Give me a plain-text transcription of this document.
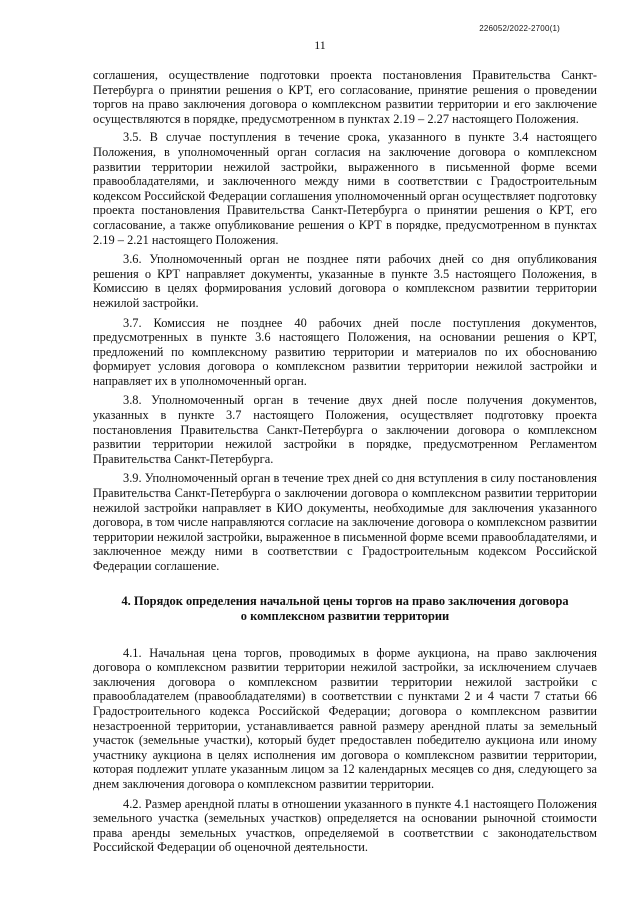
226052/2022-2700(1)
11

соглашения, осуществление подготовки проекта постановления Правительства Санкт-Петербурга о принятии решения о КРТ, его согласование, принятие решения о проведении торгов на право заключения договора о комплексном развитии территории и его заключение осуществляются в порядке, предусмотренном в пунктах 2.19 – 2.27 настоящего Положения.

3.5. В случае поступления в течение срока, указанного в пункте 3.4 настоящего Положения, в уполномоченный орган согласия на заключение договора о комплексном развитии территории нежилой застройки, выраженного в письменной форме всеми правообладателями, и заключенного между ними в соответствии с Градостроительным кодексом Российской Федерации соглашения уполномоченный орган осуществляет подготовку проекта постановления Правительства Санкт-Петербурга о принятии решения о КРТ, его согласование, а также опубликование решения о КРТ в порядке, предусмотренном в пунктах 2.19 – 2.21 настоящего Положения.

3.6. Уполномоченный орган не позднее пяти рабочих дней со дня опубликования решения о КРТ направляет документы, указанные в пункте 3.5 настоящего Положения, в Комиссию в целях формирования условий договора о комплексном развитии территории нежилой застройки.

3.7. Комиссия не позднее 40 рабочих дней после поступления документов, предусмотренных в пункте 3.6 настоящего Положения, на основании решения о КРТ, предложений по комплексному развитию территории и материалов по их обоснованию формирует условия договора о комплексном развитии территории нежилой застройки и направляет их в уполномоченный орган.

3.8. Уполномоченный орган в течение двух дней после получения документов, указанных в пункте 3.7 настоящего Положения, осуществляет подготовку проекта постановления Правительства Санкт-Петербурга о заключении договора о комплексном развитии территории нежилой застройки в порядке, предусмотренном Регламентом Правительства Санкт-Петербурга.

3.9. Уполномоченный орган в течение трех дней со дня вступления в силу постановления Правительства Санкт-Петербурга о заключении договора о комплексном развитии территории нежилой застройки направляет в КИО документы, необходимые для заключения указанного договора, в том числе направляются согласие на заключение договора о комплексном развитии территории нежилой застройки, выраженное в письменной форме всеми правообладателями, и заключенное между ними в соответствии с Градостроительным кодексом Российской Федерации соглашение.

4. Порядок определения начальной цены торгов на право заключения договора
о комплексном развитии территории

4.1. Начальная цена торгов, проводимых в форме аукциона, на право заключения договора о комплексном развитии территории нежилой застройки, за исключением случаев заключения договора о комплексном развитии территории нежилой застройки с правообладателем (правообладателями) в соответствии с пунктами 2 и 4 части 7 статьи 66 Градостроительного кодекса Российской Федерации; договора о комплексном развитии незастроенной территории, устанавливается равной размеру арендной платы за земельный участок (земельные участки), который будет предоставлен победителю аукциона или иному участнику аукциона в целях исполнения им договора о комплексном развитии территории, которая подлежит уплате указанным лицом за 12 календарных месяцев со дня, следующего за днем заключения договора о комплексном развитии территории.

4.2. Размер арендной платы в отношении указанного в пункте 4.1 настоящего Положения земельного участка (земельных участков) определяется на основании рыночной стоимости права аренды земельных участков, определяемой в соответствии с законодательством Российской Федерации об оценочной деятельности.
